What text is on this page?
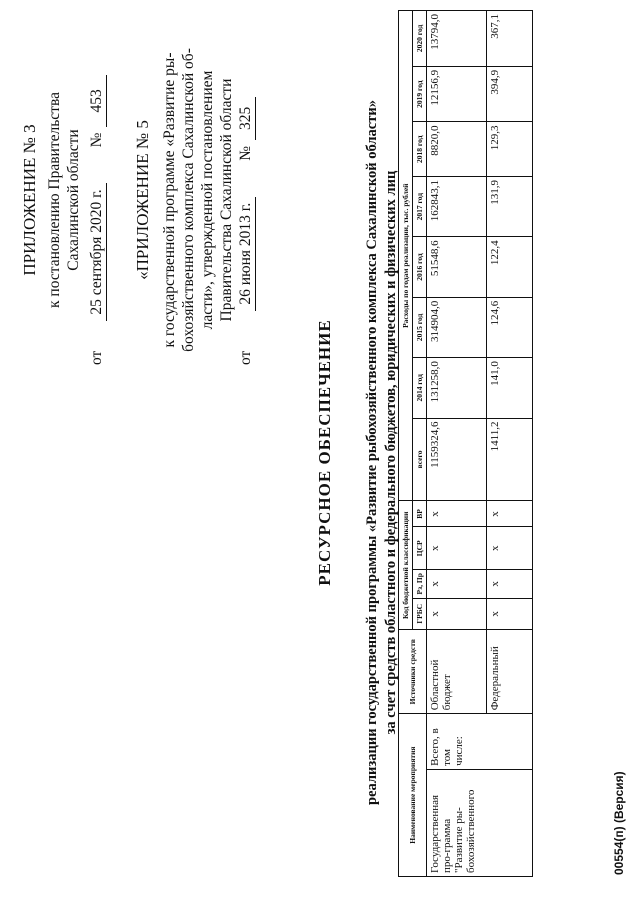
ПРИЛОЖЕНИЕ № 3 к постановлению Правительства Сахалинской области
от
25 сентября 2020 г.
№
453
«ПРИЛОЖЕНИЕ № 5 к государственной программе «Развитие ры- бохозяйственного комплекса Сахалинской об- ласти», утвержденной постановлением Правительства Сахалинской области
от
26 июня 2013 г.
№
325
РЕСУРСНОЕ ОБЕСПЕЧЕНИЕ реализации государственной программы «Развитие рыбохозяйственного комплекса Сахалинской области» за счет средств областного и федерального бюджетов, юридических и физических лиц
Наименование мероприятия		Источники средств	Код бюджетной классификации				Расходы по годам реализации, тыс. рублей							
			ГРБС	Рз, Пр	ЦСР	ВР	всего	2014 год	2015 год	2016 год	2017 год	2018 год	2019 год	2020 год
Государственная про-грамма "Развитие ры-бохозяйственного	Всего, в том числе:	Областной бюджет	х	х	х	х	1159324,6	131258,0	314904,0	51548,6	162843,1	8820,0	12156,9	13794,0
		Федеральный	х	х	х	х	1411,2	141,0	124,6	122,4	131,9	129,3	394,9	367,1
00554(п) (Версия)
